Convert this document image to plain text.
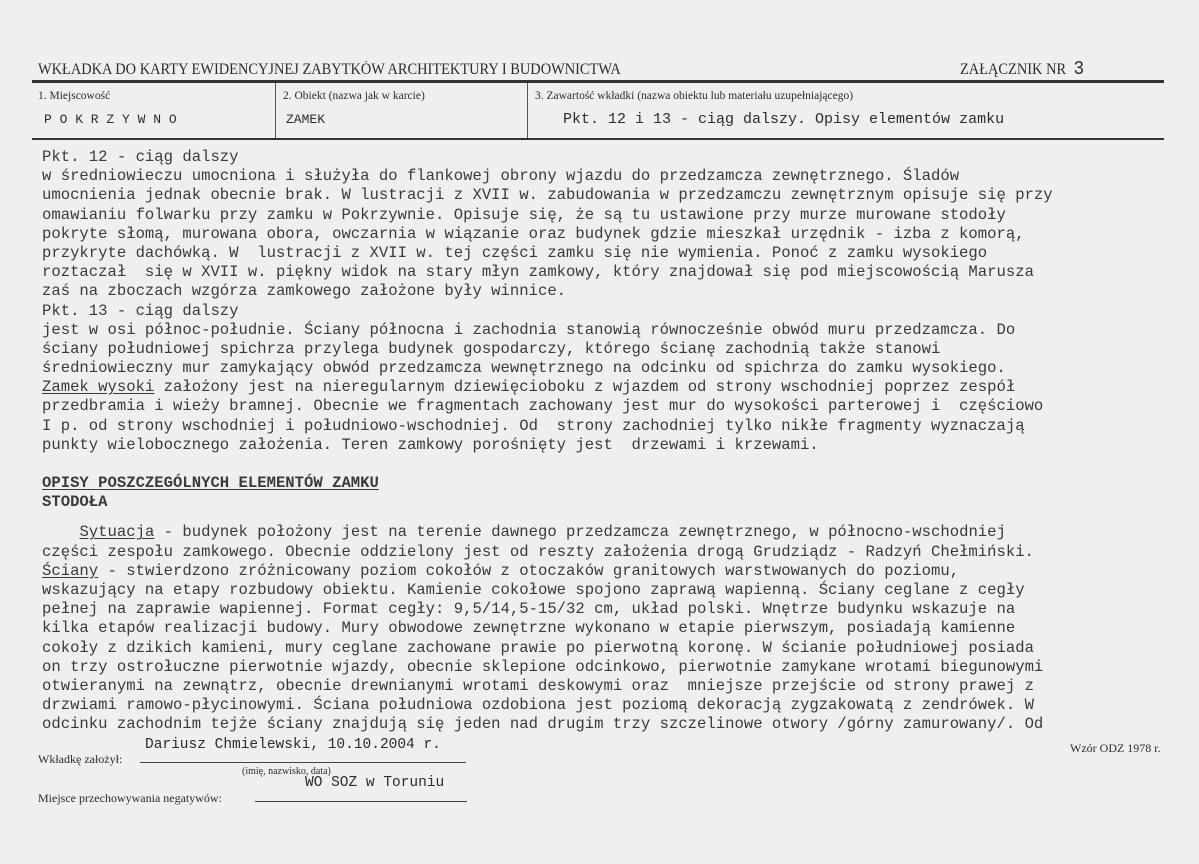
WKŁADKA DO KARTY EWIDENCYJNEJ ZABYTKÓW ARCHITEKTURY I BUDOWNICTWA	ZAŁĄCZNIK NR 3
1. Miejscowość
P O K R Z Y W N O
2. Obiekt (nazwa jak w karcie)
ZAMEK
3. Zawartość wkładki (nazwa obiektu lub materiału uzupełniającego)
Pkt. 12 i 13 - ciąg dalszy. Opisy elementów zamku
Pkt. 12 - ciąg dalszy
w średniowieczu umocniona i służyła do flankowej obrony wjazdu do przedzamcza zewnętrznego. Śladów
umocnienia jednak obecnie brak. W lustracji z XVII w. zabudowania w przedzamczu zewnętrznym opisuje się przy
omawianiu folwarku przy zamku w Pokrzywnie. Opisuje się, że są tu ustawione przy murze murowane stodoły
pokryte słomą, murowana obora, owczarnia w wiązanie oraz budynek gdzie mieszkał urzędnik - izba z komorą,
przykryte dachówką. W  lustracji z XVII w. tej części zamku się nie wymienia. Ponoć z zamku wysokiego
roztaczał  się w XVII w. piękny widok na stary młyn zamkowy, który znajdował się pod miejscowością Marusza
zaś na zboczach wzgórza zamkowego założone były winnice.
Pkt. 13 - ciąg dalszy
jest w osi północ-południe. Ściany północna i zachodnia stanowią równocześnie obwód muru przedzamcza. Do
ściany południowej spichrza przylega budynek gospodarczy, którego ścianę zachodnią także stanowi
średniowieczny mur zamykający obwód przedzamcza wewnętrznego na odcinku od spichrza do zamku wysokiego.
Zamek wysoki założony jest na nieregularnym dziewięcioboku z wjazdem od strony wschodniej poprzez zespół
przedbramia i wieży bramnej. Obecnie we fragmentach zachowany jest mur do wysokości parterowej i  częściowo
I p. od strony wschodniej i południowo-wschodniej. Od  strony zachodniej tylko nikłe fragmenty wyznaczają
punkty wielobocznego założenia. Teren zamkowy porośnięty jest  drzewami i krzewami.
OPISY POSZCZEGÓLNYCH ELEMENTÓW ZAMKU
STODOŁA
Sytuacja - budynek położony jest na terenie dawnego przedzamcza zewnętrznego, w północno-wschodniej
części zespołu zamkowego. Obecnie oddzielony jest od reszty założenia drogą Grudziądz - Radzyń Chełmiński.
Ściany - stwierdzono zróżnicowany poziom cokołów z otoczaków granitowych warstwowanych do poziomu,
wskazujący na etapy rozbudowy obiektu. Kamienie cokołowe spojono zaprawą wapienną. Ściany ceglane z cegły
pełnej na zaprawie wapiennej. Format cegły: 9,5/14,5-15/32 cm, układ polski. Wnętrze budynku wskazuje na
kilka etapów realizacji budowy. Mury obwodowe zewnętrzne wykonano w etapie pierwszym, posiadają kamienne
cokoły z dzikich kamieni, mury ceglane zachowane prawie po pierwotną koronę. W ścianie południowej posiada
on trzy ostrołuczne pierwotnie wjazdy, obecnie sklepione odcinkowo, pierwotnie zamykane wrotami biegunowymi
otwieranymi na zewnątrz, obecnie drewnianymi wrotami deskowymi oraz  mniejsze przejście od strony prawej z
drzwiami ramowo-płycinowymi. Ściana południowa ozdobiona jest poziomą dekoracją zygzakowatą z zendrówek. W
odcinku zachodnim tejże ściany znajdują się jeden nad drugim trzy szczelinowe otwory /górny zamurowany/. Od
Wkładkę założył:
Dariusz Chmielewski, 10.10.2004 r.
(imię, nazwisko, data)
WO SOZ w Toruniu
Miejsce przechowywania negatywów:
Wzór ODZ 1978 r.
